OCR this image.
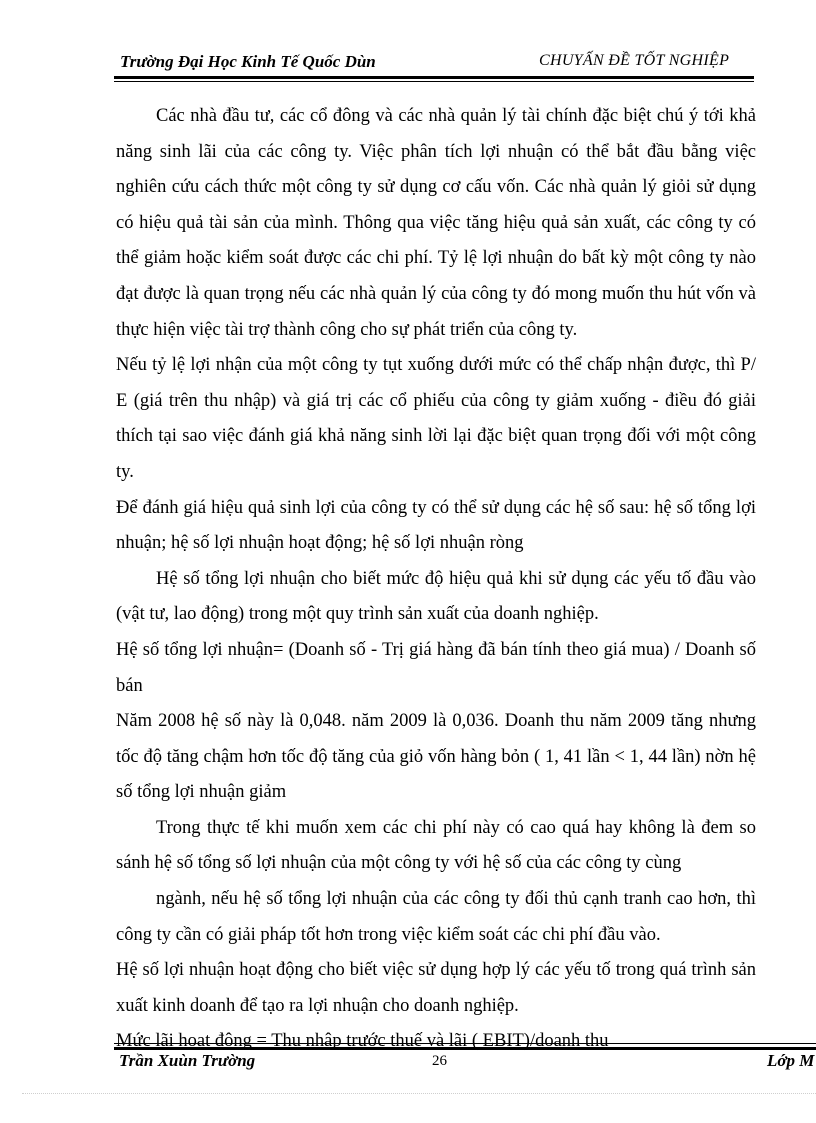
Trường Đại Học Kinh Tế Quốc Dùn	CHUYẤN ĐỀ TỐT NGHIỆP

Các nhà đầu tư, các cổ đông và các nhà quản lý tài chính đặc biệt chú ý tới khả năng sinh lãi của các công ty. Việc phân tích lợi nhuận có thể bắt đầu bằng việc nghiên cứu cách thức một công ty sử dụng cơ cấu vốn. Các nhà quản lý giỏi sử dụng có hiệu quả tài sản của mình. Thông qua việc tăng hiệu quả sản xuất, các công ty có thể giảm hoặc kiểm soát được các chi phí. Tỷ lệ lợi nhuận do bất kỳ một công ty nào đạt được là quan trọng nếu các nhà quản lý của công ty đó mong muốn thu hút vốn và thực hiện việc tài trợ thành công cho sự phát triển của công ty.

Nếu tỷ lệ lợi nhận của một công ty tụt xuống dưới mức có thể chấp nhận được, thì P/ E (giá trên thu nhập) và giá trị các cổ phiếu của công ty giảm xuống - điều đó giải thích tại sao việc đánh giá khả năng sinh lời lại đặc biệt quan trọng đối với một công ty.

Để đánh giá hiệu quả sinh lợi của công ty có thể sử dụng các hệ số sau: hệ số tổng lợi nhuận; hệ số lợi nhuận hoạt động; hệ số lợi nhuận ròng

Hệ số tổng lợi nhuận cho biết mức độ hiệu quả khi sử dụng các yếu tố đầu vào (vật tư, lao động) trong một quy trình sản xuất của doanh nghiệp.

Hệ số tổng lợi nhuận= (Doanh số - Trị giá hàng đã bán tính theo giá mua) / Doanh số bán

Năm 2008 hệ số này là 0,048. năm 2009 là 0,036. Doanh thu năm 2009 tăng nhưng tốc độ tăng chậm hơn tốc độ tăng của giỏ vốn hàng bỏn ( 1, 41 lần < 1, 44 lần) nờn hệ số tổng lợi nhuận giảm

Trong thực tế khi muốn xem các chi phí này có cao quá hay không là đem so sánh hệ số tổng số lợi nhuận của một công ty với hệ số của các công ty cùng

ngành, nếu hệ số tổng lợi nhuận của các công ty đối thủ cạnh tranh cao hơn, thì công ty cần có giải pháp tốt hơn trong việc kiểm soát các chi phí đầu vào.

Hệ số lợi nhuận hoạt động cho biết việc sử dụng hợp lý các yếu tố trong quá trình sản xuất kinh doanh để tạo ra lợi nhuận cho doanh nghiệp.

Mức lãi hoạt động = Thu nhập trước thuế và lãi ( EBIT)/doanh thu

Trần Xuùn Trường	26	Lớp M
